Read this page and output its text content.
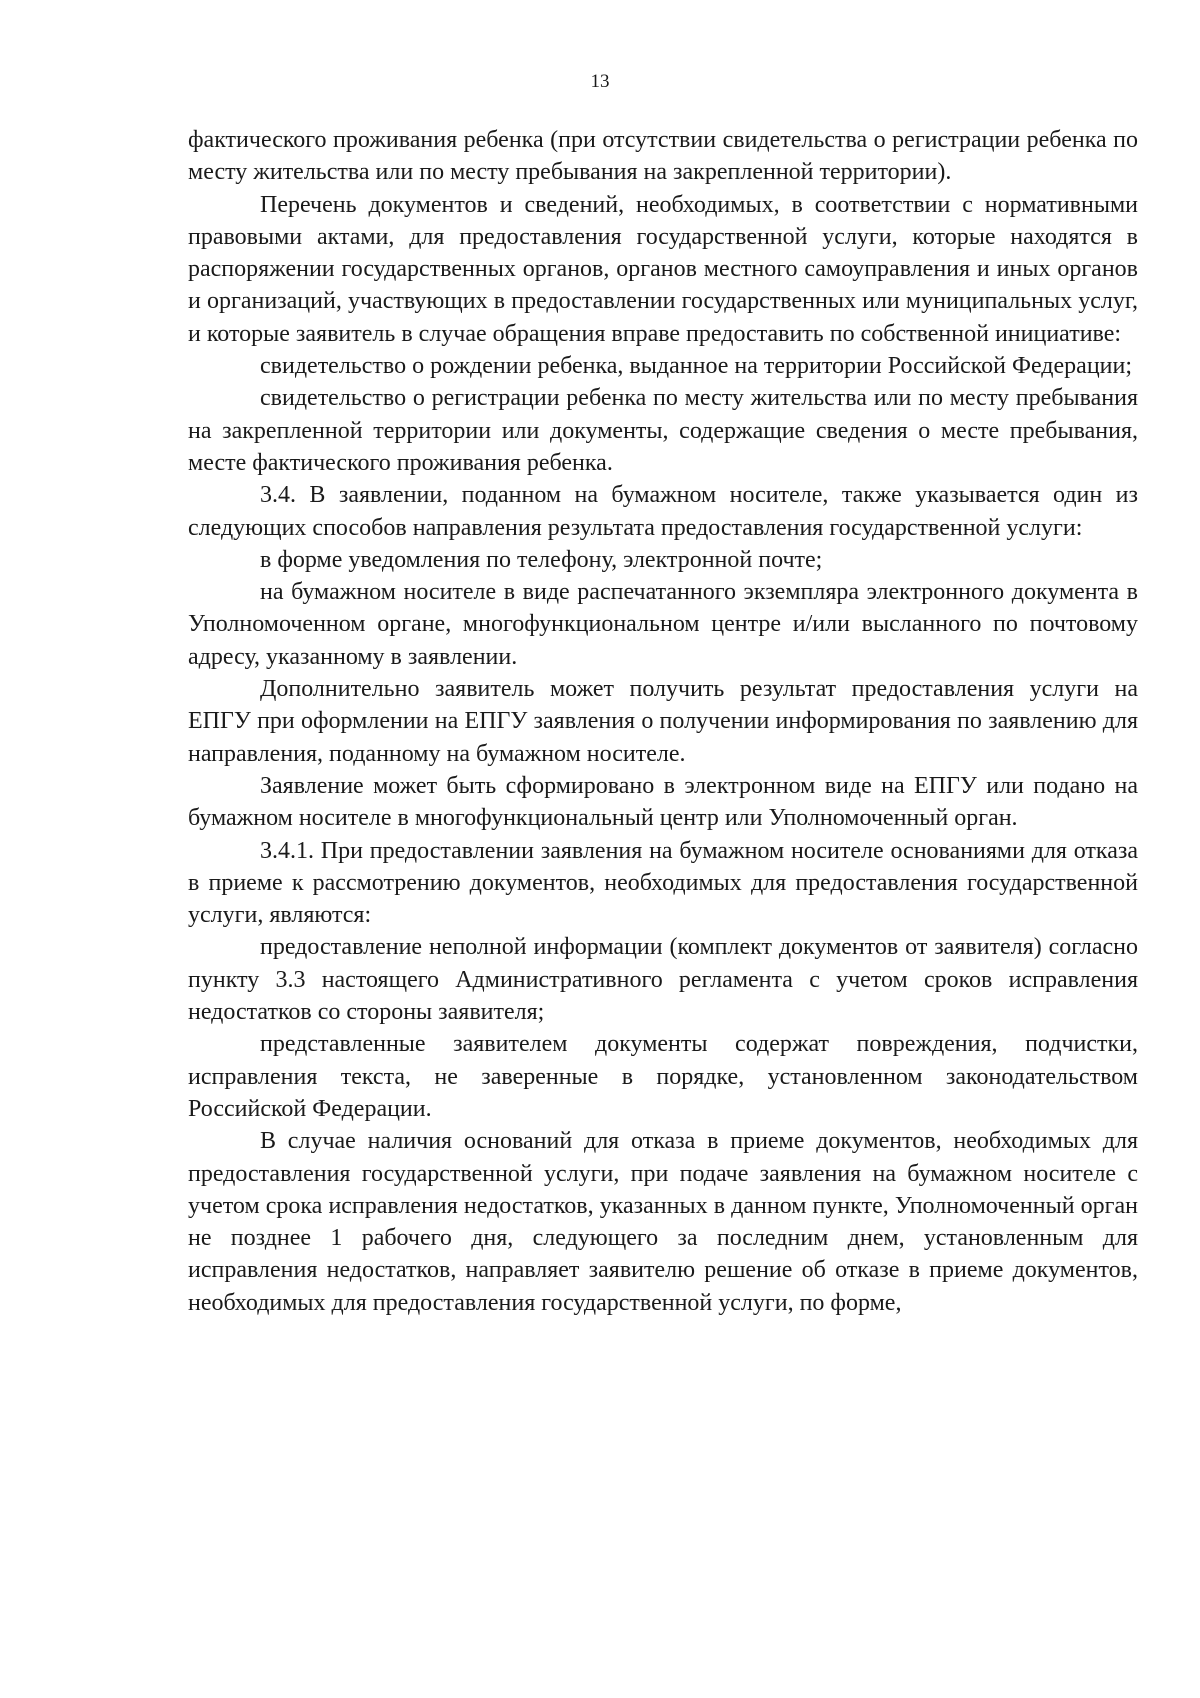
13

фактического проживания ребенка (при отсутствии свидетельства о регистрации ребенка по месту жительства или по месту пребывания на закрепленной территории).

Перечень документов и сведений, необходимых, в соответствии с нормативными правовыми актами, для предоставления государственной услуги, которые находятся в распоряжении государственных органов, органов местного самоуправления и иных органов и организаций, участвующих в предоставлении государственных или муниципальных услуг, и которые заявитель в случае обращения вправе предоставить по собственной инициативе:

свидетельство о рождении ребенка, выданное на территории Российской Федерации;

свидетельство о регистрации ребенка по месту жительства или по месту пребывания на закрепленной территории или документы, содержащие сведения о месте пребывания, месте фактического проживания ребенка.

3.4. В заявлении, поданном на бумажном носителе, также указывается один из следующих способов направления результата предоставления государственной услуги:

в форме уведомления по телефону, электронной почте;

на бумажном носителе в виде распечатанного экземпляра электронного документа в Уполномоченном органе, многофункциональном центре и/или высланного по почтовому адресу, указанному в заявлении.

Дополнительно заявитель может получить результат предоставления услуги на ЕПГУ при оформлении на ЕПГУ заявления о получении информирования по заявлению для направления, поданному на бумажном носителе.

Заявление может быть сформировано в электронном виде на ЕПГУ или подано на бумажном носителе в многофункциональный центр или Уполномоченный орган.

3.4.1. При предоставлении заявления на бумажном носителе основаниями для отказа в приеме к рассмотрению документов, необходимых для предоставления государственной услуги, являются:

предоставление неполной информации (комплект документов от заявителя) согласно пункту 3.3 настоящего Административного регламента с учетом сроков исправления недостатков со стороны заявителя;

представленные заявителем документы содержат повреждения, подчистки, исправления текста, не заверенные в порядке, установленном законодательством Российской Федерации.

В случае наличия оснований для отказа в приеме документов, необходимых для предоставления государственной услуги, при подаче заявления на бумажном носителе с учетом срока исправления недостатков, указанных в данном пункте, Уполномоченный орган не позднее 1 рабочего дня, следующего за последним днем, установленным для исправления недостатков, направляет заявителю решение об отказе в приеме документов, необходимых для предоставления государственной услуги, по форме,
